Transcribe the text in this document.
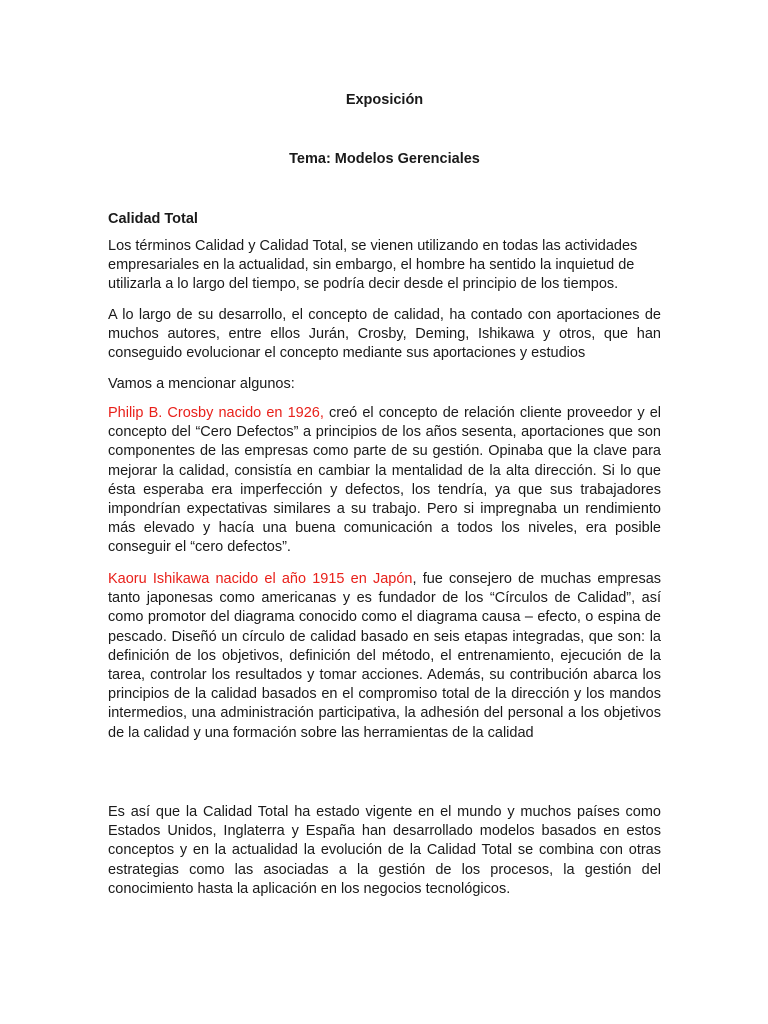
Exposición
Tema: Modelos Gerenciales
Calidad Total

Los términos Calidad y Calidad Total, se vienen utilizando en todas las actividades empresariales en la actualidad, sin embargo, el hombre ha sentido la inquietud de utilizarla a lo largo del tiempo, se podría decir desde el principio de los tiempos.

A lo largo de su desarrollo, el concepto de calidad, ha contado con aportaciones de muchos autores, entre ellos Jurán, Crosby, Deming, Ishikawa y otros, que han conseguido evolucionar el concepto mediante sus aportaciones y estudios

Vamos a mencionar algunos:

Philip B. Crosby nacido en 1926, creó el concepto de relación cliente proveedor y el concepto del “Cero Defectos” a principios de los años sesenta, aportaciones que son componentes de las empresas como parte de su gestión. Opinaba que la clave para mejorar la calidad, consistía en cambiar la mentalidad de la alta dirección. Si lo que ésta esperaba era imperfección y defectos, los tendría, ya que sus trabajadores impondrían expectativas similares a su trabajo. Pero si impregnaba un rendimiento más elevado y hacía una buena comunicación a todos los niveles, era posible conseguir el “cero defectos”.

Kaoru Ishikawa nacido el año 1915 en Japón, fue consejero de muchas empresas tanto japonesas como americanas y es fundador de los “Círculos de Calidad”, así como promotor del diagrama conocido como el diagrama causa – efecto, o espina de pescado. Diseñó un círculo de calidad basado en seis etapas integradas, que son: la definición de los objetivos, definición del método, el entrenamiento, ejecución de la tarea, controlar los resultados y tomar acciones. Además, su contribución abarca los principios de la calidad basados en el compromiso total de la dirección y los mandos intermedios, una administración participativa, la adhesión del personal a los objetivos de la calidad y una formación sobre las herramientas de la calidad

Es así que la Calidad Total ha estado vigente en el mundo y muchos países como Estados Unidos, Inglaterra y España han desarrollado modelos basados en estos conceptos y en la actualidad la evolución de la Calidad Total se combina con otras estrategias como las asociadas a la gestión de los procesos, la gestión del conocimiento hasta la aplicación en los negocios tecnológicos.
